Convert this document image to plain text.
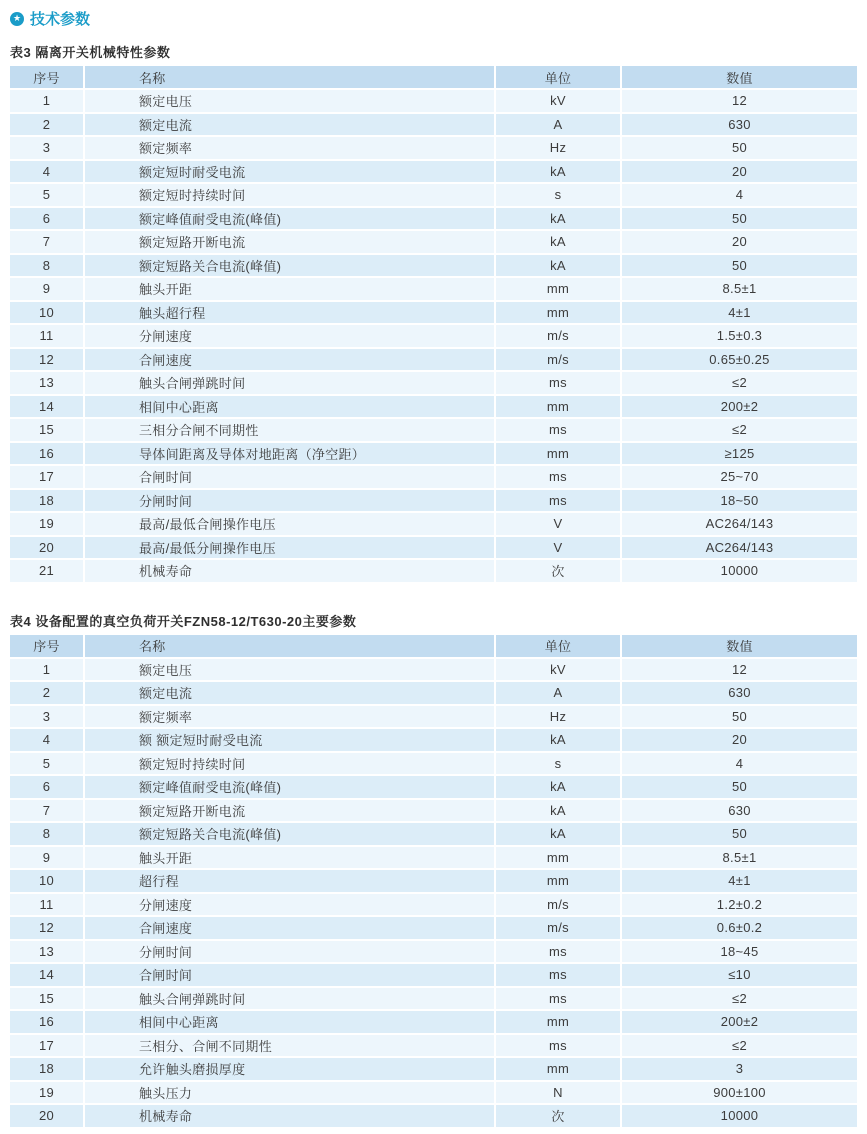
★ 技术参数
表3 隔离开关机械特性参数
序号	名称	单位	数值
1	额定电压	kV	12
2	额定电流	A	630
3	额定频率	Hz	50
4	额定短时耐受电流	kA	20
5	额定短时持续时间	s	4
6	额定峰值耐受电流(峰值)	kA	50
7	额定短路开断电流	kA	20
8	额定短路关合电流(峰值)	kA	50
9	触头开距	mm	8.5±1
10	触头超行程	mm	4±1
11	分闸速度	m/s	1.5±0.3
12	合闸速度	m/s	0.65±0.25
13	触头合闸弹跳时间	ms	≤2
14	相间中心距离	mm	200±2
15	三相分合闸不同期性	ms	≤2
16	导体间距离及导体对地距离（净空距）	mm	≥125
17	合闸时间	ms	25~70
18	分闸时间	ms	18~50
19	最高/最低合闸操作电压	V	AC264/143
20	最高/最低分闸操作电压	V	AC264/143
21	机械寿命	次	10000
表4 设备配置的真空负荷开关FZN58-12/T630-20主要参数
序号	名称	单位	数值
1	额定电压	kV	12
2	额定电流	A	630
3	额定频率	Hz	50
4	额 额定短时耐受电流	kA	20
5	额定短时持续时间	s	4
6	额定峰值耐受电流(峰值)	kA	50
7	额定短路开断电流	kA	630
8	额定短路关合电流(峰值)	kA	50
9	触头开距	mm	8.5±1
10	超行程	mm	4±1
11	分闸速度	m/s	1.2±0.2
12	合闸速度	m/s	0.6±0.2
13	分闸时间	ms	18~45
14	合闸时间	ms	≤10
15	触头合闸弹跳时间	ms	≤2
16	相间中心距离	mm	200±2
17	三相分、合闸不同期性	ms	≤2
18	允许触头磨损厚度	mm	3
19	触头压力	N	900±100
20	机械寿命	次	10000
